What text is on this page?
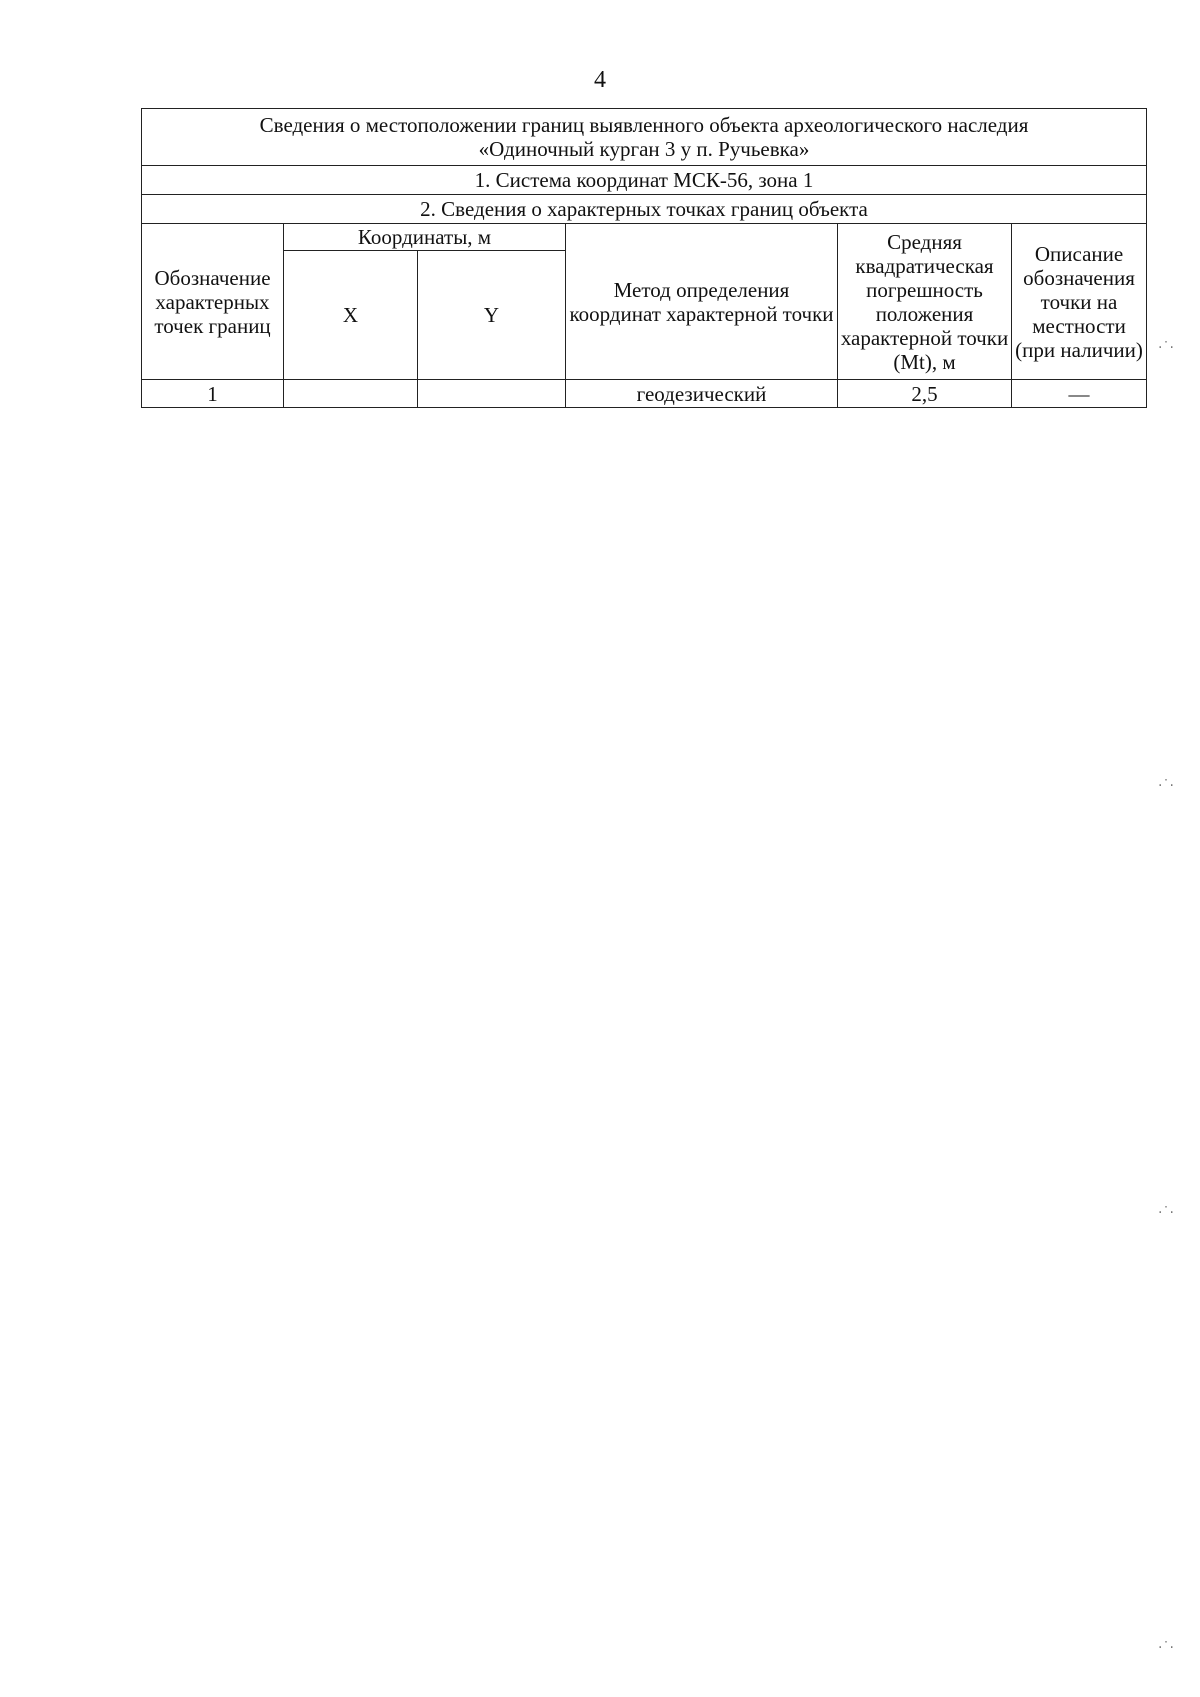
4
Сведения о местоположении границ выявленного объекта археологического наследия
«Одиночный курган 3 у п. Ручьевка»					

1. Система координат МСК-56, зона 1					
2. Сведения о характерных точках границ объекта					
Обозначение характерных точек границ	Координаты, м		Метод определения координат характерной точки	Средняя квадратическая погрешность положения характерной точки (Mt), м	Описание обозначения точки на местности (при наличии)
	X	Y			
1			геодезический	2,5	—
·˙·
·˙·
·˙·
·˙·
